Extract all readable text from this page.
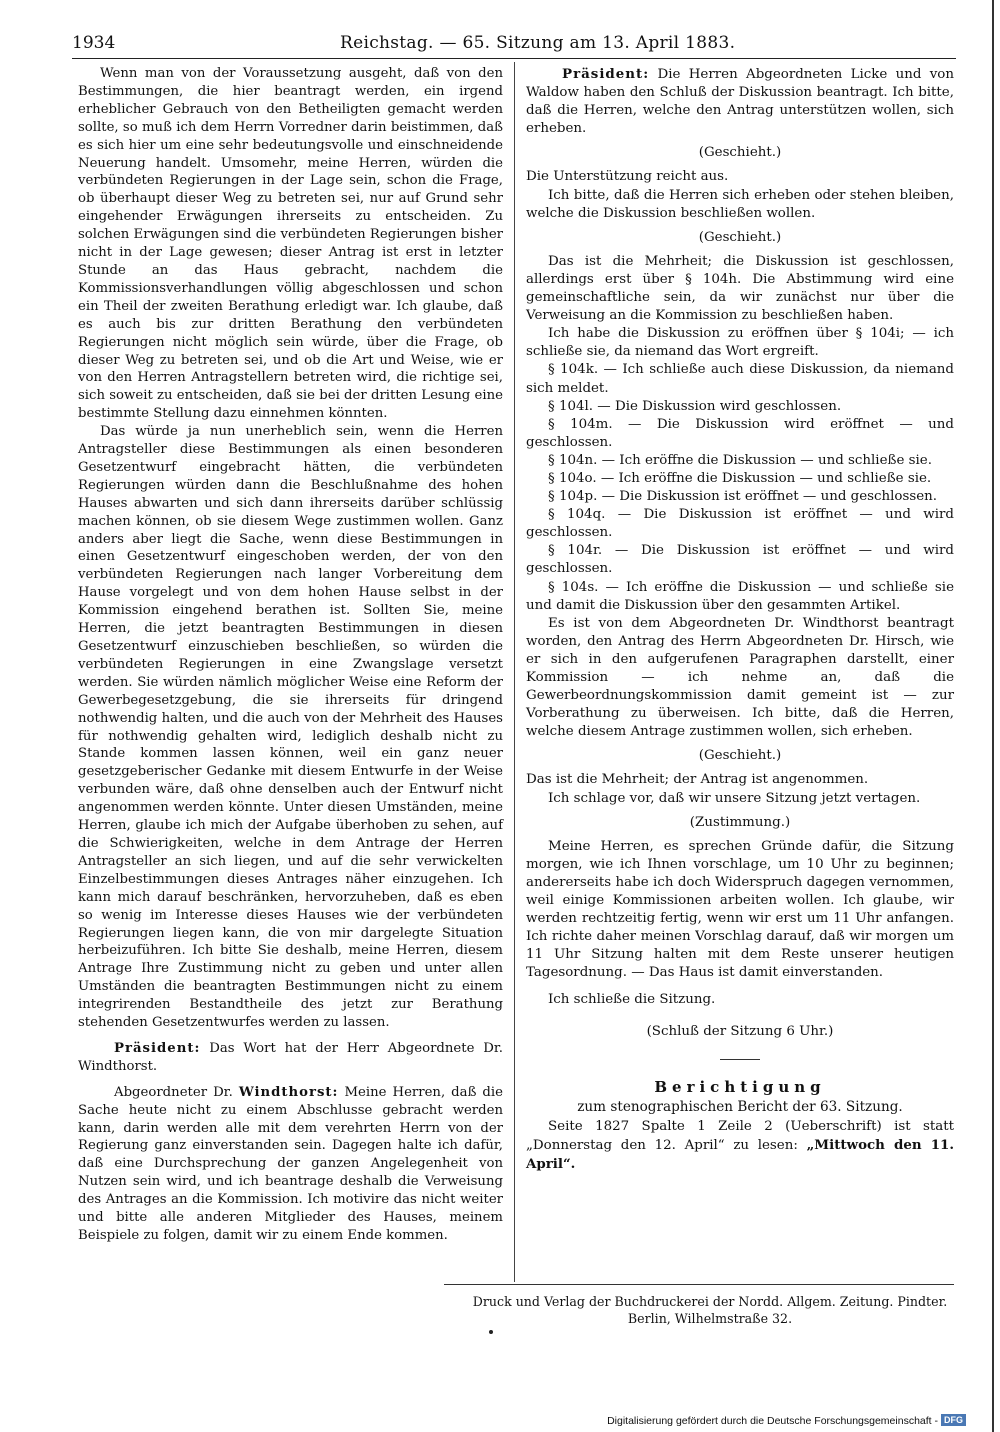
1934	Reichstag. — 65. Sitzung am 13. April 1883.

Wenn man von der Voraussetzung ausgeht, daß von den Bestimmungen, die hier beantragt werden, ein irgend erheblicher Gebrauch von den Betheiligten gemacht werden sollte, so muß ich dem Herrn Vorredner darin beistimmen, daß es sich hier um eine sehr bedeutungsvolle und einschneidende Neuerung handelt. Umsomehr, meine Herren, würden die verbündeten Regierungen in der Lage sein, schon die Frage, ob überhaupt dieser Weg zu betreten sei, nur auf Grund sehr eingehender Erwägungen ihrerseits zu entscheiden. Zu solchen Erwägungen sind die verbündeten Regierungen bisher nicht in der Lage gewesen; dieser Antrag ist erst in letzter Stunde an das Haus gebracht, nachdem die Kommissionsverhandlungen völlig abgeschlossen und schon ein Theil der zweiten Berathung erledigt war. Ich glaube, daß es auch bis zur dritten Berathung den verbündeten Regierungen nicht möglich sein würde, über die Frage, ob dieser Weg zu betreten sei, und ob die Art und Weise, wie er von den Herren Antragstellern betreten wird, die richtige sei, sich soweit zu entscheiden, daß sie bei der dritten Lesung eine bestimmte Stellung dazu einnehmen könnten.

Das würde ja nun unerheblich sein, wenn die Herren Antragsteller diese Bestimmungen als einen besonderen Gesetzentwurf eingebracht hätten, die verbündeten Regierungen würden dann die Beschlußnahme des hohen Hauses abwarten und sich dann ihrerseits darüber schlüssig machen können, ob sie diesem Wege zustimmen wollen. Ganz anders aber liegt die Sache, wenn diese Bestimmungen in einen Gesetzentwurf eingeschoben werden, der von den verbündeten Regierungen nach langer Vorbereitung dem Hause vorgelegt und von dem hohen Hause selbst in der Kommission eingehend berathen ist. Sollten Sie, meine Herren, die jetzt beantragten Bestimmungen in diesen Gesetzentwurf einzuschieben beschließen, so würden die verbündeten Regierungen in eine Zwangslage versetzt werden. Sie würden nämlich möglicher Weise eine Reform der Gewerbegesetzgebung, die sie ihrerseits für dringend nothwendig halten, und die auch von der Mehrheit des Hauses für nothwendig gehalten wird, lediglich deshalb nicht zu Stande kommen lassen können, weil ein ganz neuer gesetzgeberischer Gedanke mit diesem Entwurfe in der Weise verbunden wäre, daß ohne denselben auch der Entwurf nicht angenommen werden könnte. Unter diesen Umständen, meine Herren, glaube ich mich der Aufgabe überhoben zu sehen, auf die Schwierigkeiten, welche in dem Antrage der Herren Antragsteller an sich liegen, und auf die sehr verwickelten Einzelbestimmungen dieses Antrages näher einzugehen. Ich kann mich darauf beschränken, hervorzuheben, daß es eben so wenig im Interesse dieses Hauses wie der verbündeten Regierungen liegen kann, die von mir dargelegte Situation herbeizuführen. Ich bitte Sie deshalb, meine Herren, diesem Antrage Ihre Zustimmung nicht zu geben und unter allen Umständen die beantragten Bestimmungen nicht zu einem integrirenden Bestandtheile des jetzt zur Berathung stehenden Gesetzentwurfes werden zu lassen.

Präsident: Das Wort hat der Herr Abgeordnete Dr. Windthorst.

Abgeordneter Dr. Windthorst: Meine Herren, daß die Sache heute nicht zu einem Abschlusse gebracht werden kann, darin werden alle mit dem verehrten Herrn von der Regierung ganz einverstanden sein. Dagegen halte ich dafür, daß eine Durchsprechung der ganzen Angelegenheit von Nutzen sein wird, und ich beantrage deshalb die Verweisung des Antrages an die Kommission. Ich motivire das nicht weiter und bitte alle anderen Mitglieder des Hauses, meinem Beispiele zu folgen, damit wir zu einem Ende kommen.

Präsident: Die Herren Abgeordneten Licke und von Waldow haben den Schluß der Diskussion beantragt. Ich bitte, daß die Herren, welche den Antrag unterstützen wollen, sich erheben.

(Geschieht.)

Die Unterstützung reicht aus.

Ich bitte, daß die Herren sich erheben oder stehen bleiben, welche die Diskussion beschließen wollen.

(Geschieht.)

Das ist die Mehrheit; die Diskussion ist geschlossen, allerdings erst über § 104h. Die Abstimmung wird eine gemeinschaftliche sein, da wir zunächst nur über die Verweisung an die Kommission zu beschließen haben.

Ich habe die Diskussion zu eröffnen über § 104i; — ich schließe sie, da niemand das Wort ergreift.

§ 104k. — Ich schließe auch diese Diskussion, da niemand sich meldet.

§ 104l. — Die Diskussion wird geschlossen.

§ 104m. — Die Diskussion wird eröffnet — und geschlossen.

§ 104n. — Ich eröffne die Diskussion — und schließe sie.

§ 104o. — Ich eröffne die Diskussion — und schließe sie.

§ 104p. — Die Diskussion ist eröffnet — und geschlossen.

§ 104q. — Die Diskussion ist eröffnet — und wird geschlossen.

§ 104r. — Die Diskussion ist eröffnet — und wird geschlossen.

§ 104s. — Ich eröffne die Diskussion — und schließe sie und damit die Diskussion über den gesammten Artikel.

Es ist von dem Abgeordneten Dr. Windthorst beantragt worden, den Antrag des Herrn Abgeordneten Dr. Hirsch, wie er sich in den aufgerufenen Paragraphen darstellt, einer Kommission — ich nehme an, daß die Gewerbeordnungskommission damit gemeint ist — zur Vorberathung zu überweisen. Ich bitte, daß die Herren, welche diesem Antrage zustimmen wollen, sich erheben.

(Geschieht.)

Das ist die Mehrheit; der Antrag ist angenommen.

Ich schlage vor, daß wir unsere Sitzung jetzt vertagen.

(Zustimmung.)

Meine Herren, es sprechen Gründe dafür, die Sitzung morgen, wie ich Ihnen vorschlage, um 10 Uhr zu beginnen; andererseits habe ich doch Widerspruch dagegen vernommen, weil einige Kommissionen arbeiten wollen. Ich glaube, wir werden rechtzeitig fertig, wenn wir erst um 11 Uhr anfangen. Ich richte daher meinen Vorschlag darauf, daß wir morgen um 11 Uhr Sitzung halten mit dem Reste unserer heutigen Tagesordnung. — Das Haus ist damit einverstanden.

Ich schließe die Sitzung.

(Schluß der Sitzung 6 Uhr.)

Berichtigung
zum stenographischen Bericht der 63. Sitzung.

Seite 1827 Spalte 1 Zeile 2 (Ueberschrift) ist statt „Donnerstag den 12. April“ zu lesen: „Mittwoch den 11. April“.

Druck und Verlag der Buchdruckerei der Nordd. Allgem. Zeitung. Pindter.
Berlin, Wilhelmstraße 32.
Digitalisierung gefördert durch die Deutsche Forschungsgemeinschaft - DFG
